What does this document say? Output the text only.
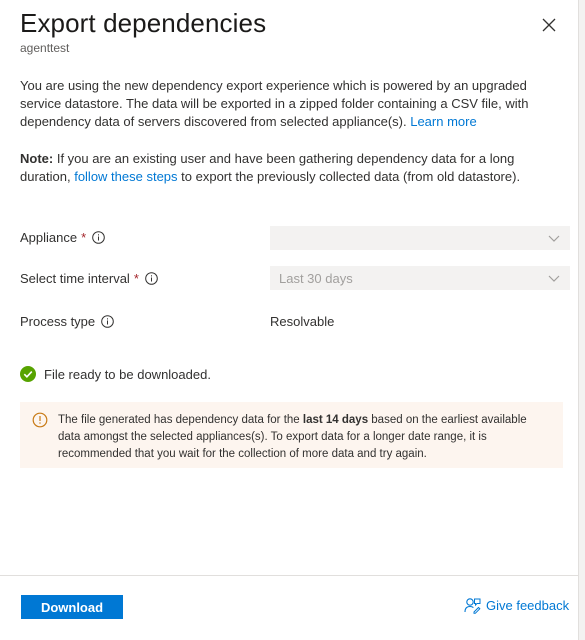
Export dependencies
agenttest

You are using the new dependency export experience which is powered by an upgraded service datastore. The data will be exported in a zipped folder containing a CSV file, with dependency data of servers discovered from selected appliance(s). Learn more

Note: If you are an existing user and have been gathering dependency data for a long duration, follow these steps to export the previously collected data (from old datastore).

Appliance *
Select time interval *	Last 30 days
Process type	Resolvable
File ready to be downloaded.
The file generated has dependency data for the last 14 days based on the earliest available data amongst the selected appliances(s). To export data for a longer date range, it is recommended that you wait for the collection of more data and try again.
Download	Give feedback
